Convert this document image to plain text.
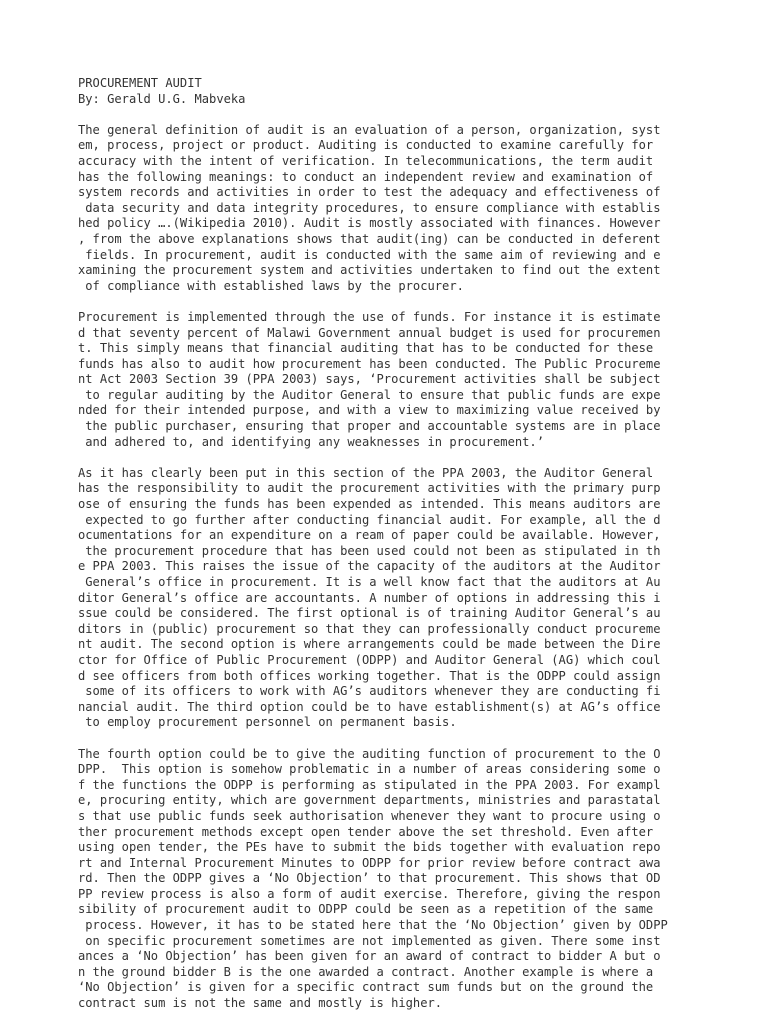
PROCUREMENT AUDIT
By: Gerald U.G. Mabveka

The general definition of audit is an evaluation of a person, organization, syst
em, process, project or product. Auditing is conducted to examine carefully for
accuracy with the intent of verification. In telecommunications, the term audit
has the following meanings: to conduct an independent review and examination of
system records and activities in order to test the adequacy and effectiveness of
data security and data integrity procedures, to ensure compliance with establis
hed policy ….(Wikipedia 2010). Audit is mostly associated with finances. However
, from the above explanations shows that audit(ing) can be conducted in deferent
fields. In procurement, audit is conducted with the same aim of reviewing and e
xamining the procurement system and activities undertaken to find out the extent
of compliance with established laws by the procurer.

Procurement is implemented through the use of funds. For instance it is estimate
d that seventy percent of Malawi Government annual budget is used for procuremen
t. This simply means that financial auditing that has to be conducted for these
funds has also to audit how procurement has been conducted. The Public Procureme
nt Act 2003 Section 39 (PPA 2003) says, ‘Procurement activities shall be subject
to regular auditing by the Auditor General to ensure that public funds are expe
nded for their intended purpose, and with a view to maximizing value received by
the public purchaser, ensuring that proper and accountable systems are in place
and adhered to, and identifying any weaknesses in procurement.’

As it has clearly been put in this section of the PPA 2003, the Auditor General
has the responsibility to audit the procurement activities with the primary purp
ose of ensuring the funds has been expended as intended. This means auditors are
expected to go further after conducting financial audit. For example, all the d
ocumentations for an expenditure on a ream of paper could be available. However,
the procurement procedure that has been used could not been as stipulated in th
e PPA 2003. This raises the issue of the capacity of the auditors at the Auditor
General’s office in procurement. It is a well know fact that the auditors at Au
ditor General’s office are accountants. A number of options in addressing this i
ssue could be considered. The first optional is of training Auditor General’s au
ditors in (public) procurement so that they can professionally conduct procureme
nt audit. The second option is where arrangements could be made between the Dire
ctor for Office of Public Procurement (ODPP) and Auditor General (AG) which coul
d see officers from both offices working together. That is the ODPP could assign
some of its officers to work with AG’s auditors whenever they are conducting fi
nancial audit. The third option could be to have establishment(s) at AG’s office
to employ procurement personnel on permanent basis.

The fourth option could be to give the auditing function of procurement to the O
DPP.  This option is somehow problematic in a number of areas considering some o
f the functions the ODPP is performing as stipulated in the PPA 2003. For exampl
e, procuring entity, which are government departments, ministries and parastatal
s that use public funds seek authorisation whenever they want to procure using o
ther procurement methods except open tender above the set threshold. Even after
using open tender, the PEs have to submit the bids together with evaluation repo
rt and Internal Procurement Minutes to ODPP for prior review before contract awa
rd. Then the ODPP gives a ‘No Objection’ to that procurement. This shows that OD
PP review process is also a form of audit exercise. Therefore, giving the respon
sibility of procurement audit to ODPP could be seen as a repetition of the same
process. However, it has to be stated here that the ‘No Objection’ given by ODPP
on specific procurement sometimes are not implemented as given. There some inst
ances a ‘No Objection’ has been given for an award of contract to bidder A but o
n the ground bidder B is the one awarded a contract. Another example is where a
‘No Objection’ is given for a specific contract sum funds but on the ground the
contract sum is not the same and mostly is higher.
